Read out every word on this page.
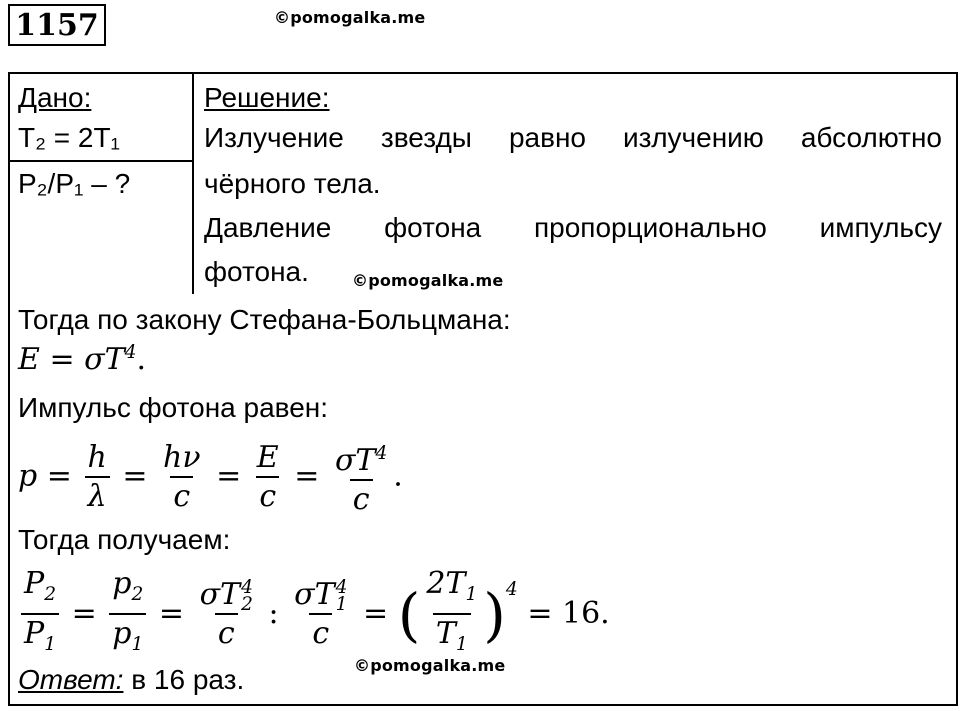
1157	©pomogalka.me
Дано:
T₂ = 2T₁
P₂/P₁ – ?
Решение:
Излучение звезды равно излучению абсолютно
чёрного тела.
Давление фотона пропорционально импульсу
фотона.	©pomogalka.me
Тогда по закону Стефана-Больцмана:
$E = \sigma T^4$.
Импульс фотона равен:
$p = \frac{h}{\lambda} = \frac{h\nu}{c} = \frac{E}{c} = \frac{\sigma T^4}{c}$ .
Тогда получаем:
$\frac{P_2}{P_1} = \frac{p_2}{p_1} = \sigma T$ 4
2
c : σT 4
1
c = ( $\frac{2T_1}{T_1} )^4 = 16$.
©pomogalka.me
Ответ: в 16 раз.
